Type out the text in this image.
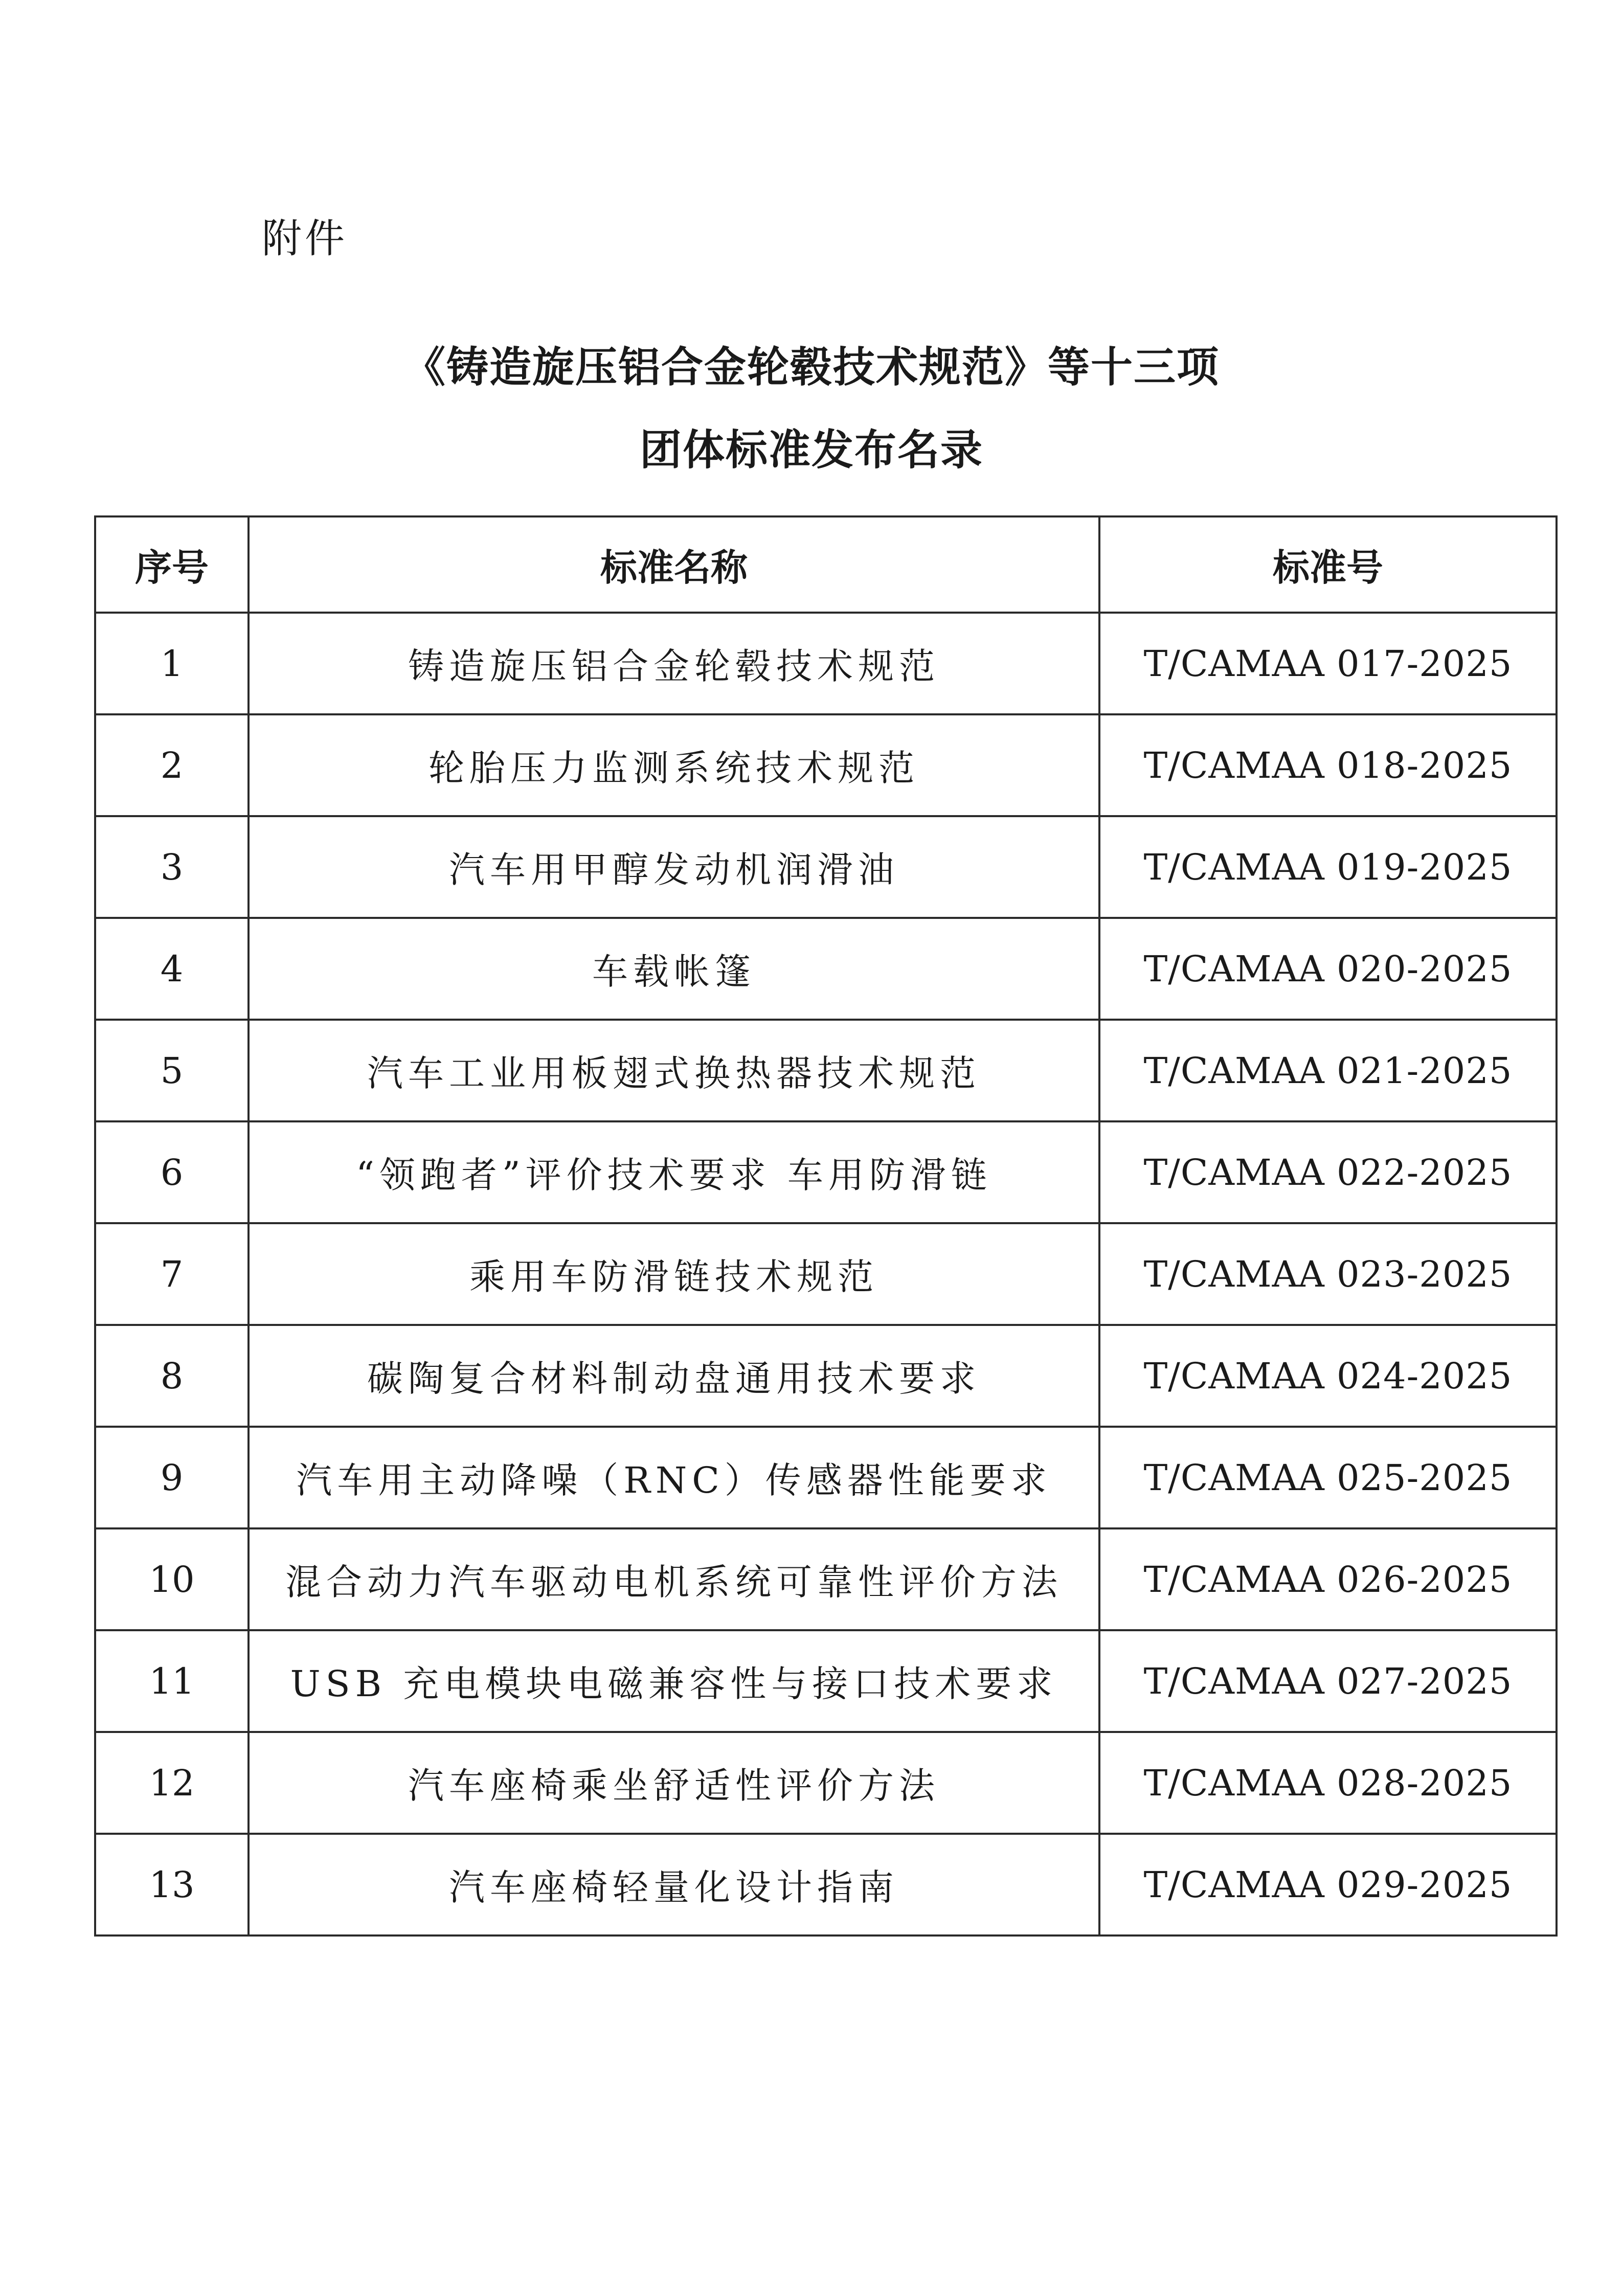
附件
《铸造旋压铝合金轮毂技术规范》等十三项
团体标准发布名录
序号	标准名称	标准号
1	铸造旋压铝合金轮毂技术规范	T/CAMAA 017-2025
2	轮胎压力监测系统技术规范	T/CAMAA 018-2025
3	汽车用甲醇发动机润滑油	T/CAMAA 019-2025
4	车载帐篷	T/CAMAA 020-2025
5	汽车工业用板翅式换热器技术规范	T/CAMAA 021-2025
6	“领跑者”评价技术要求 车用防滑链	T/CAMAA 022-2025
7	乘用车防滑链技术规范	T/CAMAA 023-2025
8	碳陶复合材料制动盘通用技术要求	T/CAMAA 024-2025
9	汽车用主动降噪（RNC）传感器性能要求	T/CAMAA 025-2025
10	混合动力汽车驱动电机系统可靠性评价方法	T/CAMAA 026-2025
11	USB 充电模块电磁兼容性与接口技术要求	T/CAMAA 027-2025
12	汽车座椅乘坐舒适性评价方法	T/CAMAA 028-2025
13	汽车座椅轻量化设计指南	T/CAMAA 029-2025
